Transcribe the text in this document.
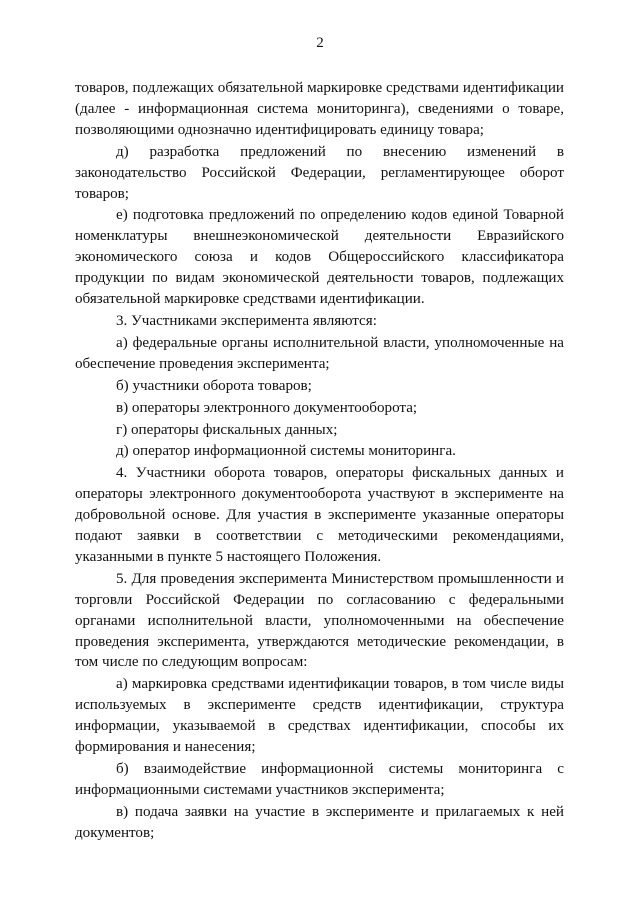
2

товаров, подлежащих обязательной маркировке средствами идентификации (далее - информационная система мониторинга), сведениями о товаре, позволяющими однозначно идентифицировать единицу товара;

д) разработка предложений по внесению изменений в законодательство Российской Федерации, регламентирующее оборот товаров;

е) подготовка предложений по определению кодов единой Товарной номенклатуры внешнеэкономической деятельности Евразийского экономического союза и кодов Общероссийского классификатора продукции по видам экономической деятельности товаров, подлежащих обязательной маркировке средствами идентификации.

3. Участниками эксперимента являются:

а) федеральные органы исполнительной власти, уполномоченные на обеспечение проведения эксперимента;

б) участники оборота товаров;

в) операторы электронного документооборота;

г) операторы фискальных данных;

д) оператор информационной системы мониторинга.

4. Участники оборота товаров, операторы фискальных данных и операторы электронного документооборота участвуют в эксперименте на добровольной основе. Для участия в эксперименте указанные операторы подают заявки в соответствии с методическими рекомендациями, указанными в пункте 5 настоящего Положения.

5. Для проведения эксперимента Министерством промышленности и торговли Российской Федерации по согласованию с федеральными органами исполнительной власти, уполномоченными на обеспечение проведения эксперимента, утверждаются методические рекомендации, в том числе по следующим вопросам:

а) маркировка средствами идентификации товаров, в том числе виды используемых в эксперименте средств идентификации, структура информации, указываемой в средствах идентификации, способы их формирования и нанесения;

б) взаимодействие информационной системы мониторинга с информационными системами участников эксперимента;

в) подача заявки на участие в эксперименте и прилагаемых к ней документов;
